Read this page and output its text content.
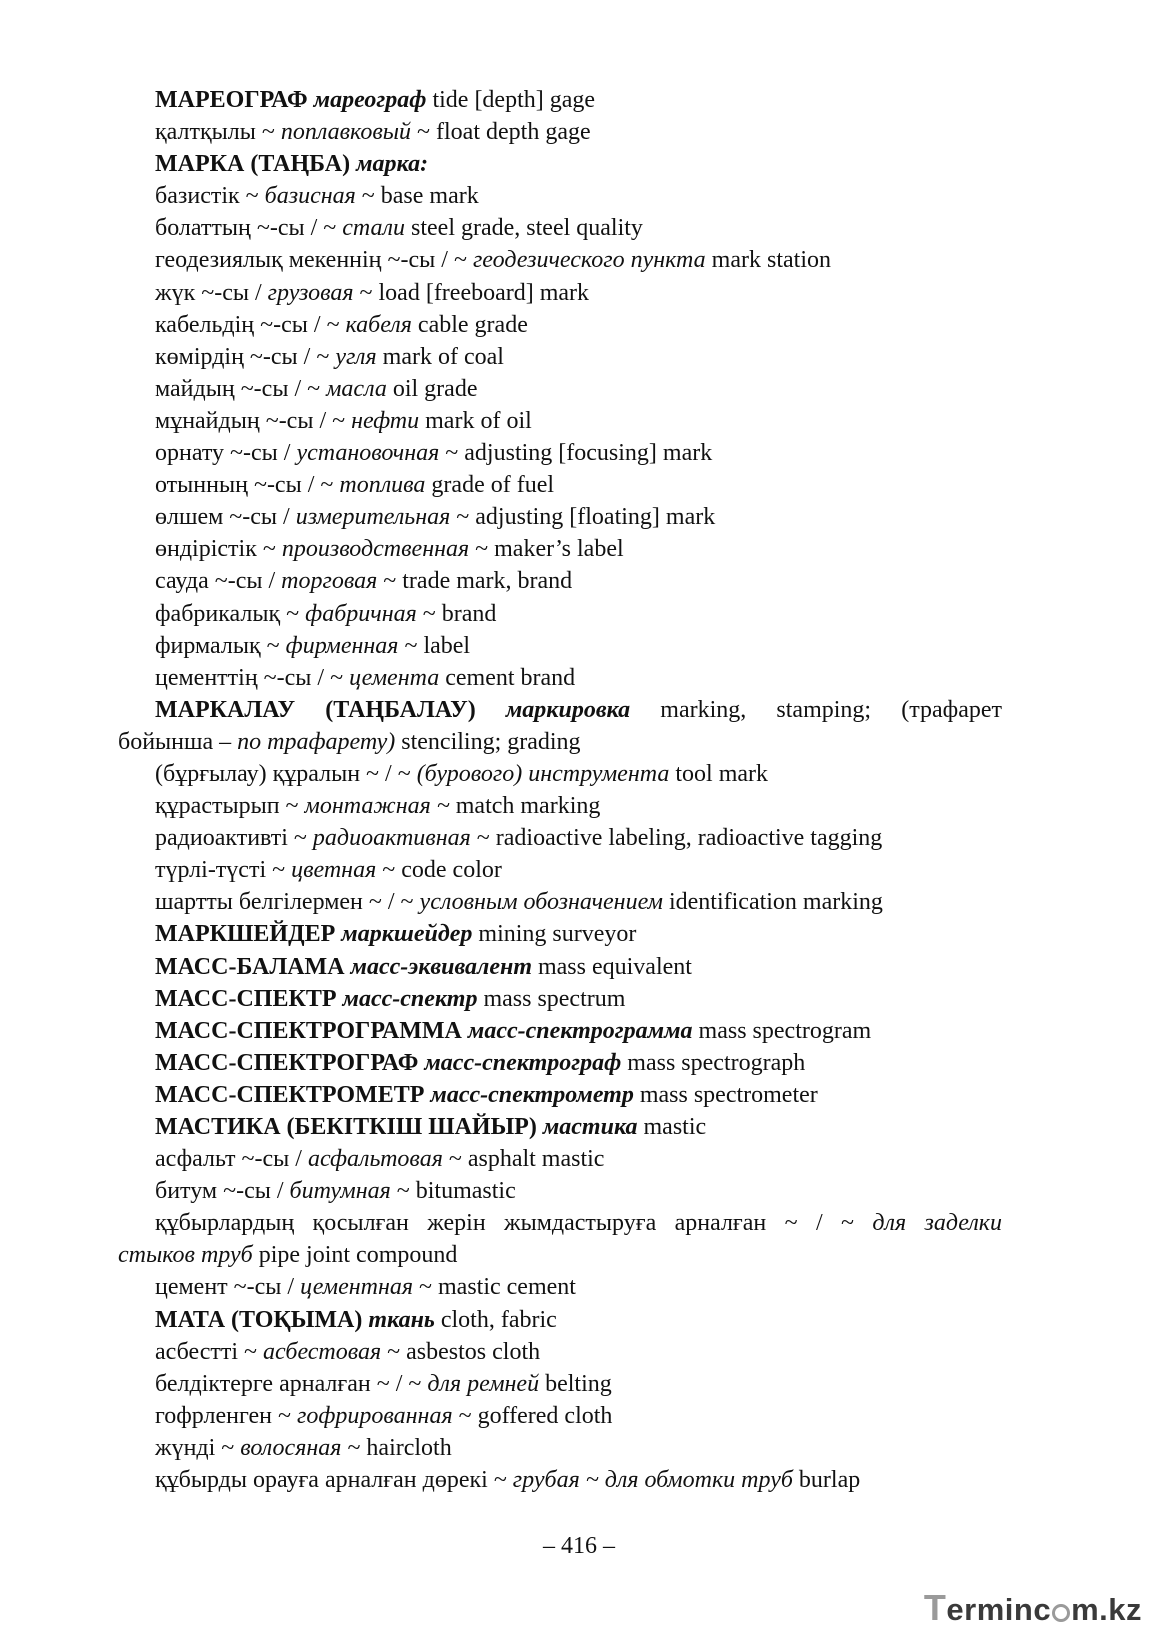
МАРЕОГРАФ мареограф tide [depth] gage
қалтқылы ~ поплавковый ~ float depth gage
МАРКА (ТАҢБА) марка:
базистік ~ базисная ~ base mark
болаттың ~-сы / ~ стали steel grade, steel quality
геодезиялық мекеннің ~-сы / ~ геодезического пункта mark station
жүк ~-сы / грузовая ~ load [freeboard] mark
кабельдің ~-сы / ~ кабеля cable grade
көмірдің ~-сы / ~ угля mark of coal
майдың ~-сы / ~ масла oil grade
мұнайдың ~-сы / ~ нефти mark of oil
орнату ~-сы / установочная ~ adjusting [focusing] mark
отынның ~-сы / ~ топлива grade of fuel
өлшем ~-сы / измерительная ~ adjusting [floating] mark
өндірістік ~ производственная ~ maker’s label
сауда ~-сы / торговая ~ trade mark, brand
фабрикалық ~ фабричная ~ brand
фирмалық ~ фирменная ~ label
цементтің ~-сы / ~ цемента cement brand
МАРКАЛАУ (ТАҢБАЛАУ) маркировка marking, stamping; (трафарет
бойынша – по трафарету) stenciling; grading
(бұрғылау) құралын ~ / ~ (бурового) инструмента tool mark
құрастырып ~ монтажная ~ match marking
радиоактивті ~ радиоактивная ~ radioactive labeling, radioactive tagging
түрлі-түсті ~ цветная ~ code color
шартты белгілермен ~ / ~ условным обозначением identification marking
МАРКШЕЙДЕР маркшейдер mining surveyor
МАСС-БАЛАМА масс-эквивалент mass equivalent
МАСС-СПЕКТР масс-спектр mass spectrum
МАСС-СПЕКТРОГРАММА масс-спектрограмма mass spectrogram
МАСС-СПЕКТРОГРАФ масс-спектрограф mass spectrograph
МАСС-СПЕКТРОМЕТР масс-спектрометр mass spectrometer
МАСТИКА (БЕКІТКІШ ШАЙЫР) мастика mastic
асфальт ~-сы / асфальтовая ~ asphalt mastic
битум ~-сы / битумная ~ bitumastic
құбырлардың қосылған жерін жымдастыруға арналған ~ / ~ для заделки
стыков труб pipe joint compound
цемент ~-сы / цементная ~ mastic cement
МАТА (ТОҚЫМА) ткань cloth, fabric
асбестті ~ асбестовая ~ asbestos cloth
белдіктерге арналған ~ / ~ для ремней belting
гофрленген ~ гофрированная ~ goffered cloth
жүнді ~ волосяная ~ haircloth
құбырды орауға арналған дөрекі ~ грубая ~ для обмотки труб burlap
– 416 –
Terminc m.kz
